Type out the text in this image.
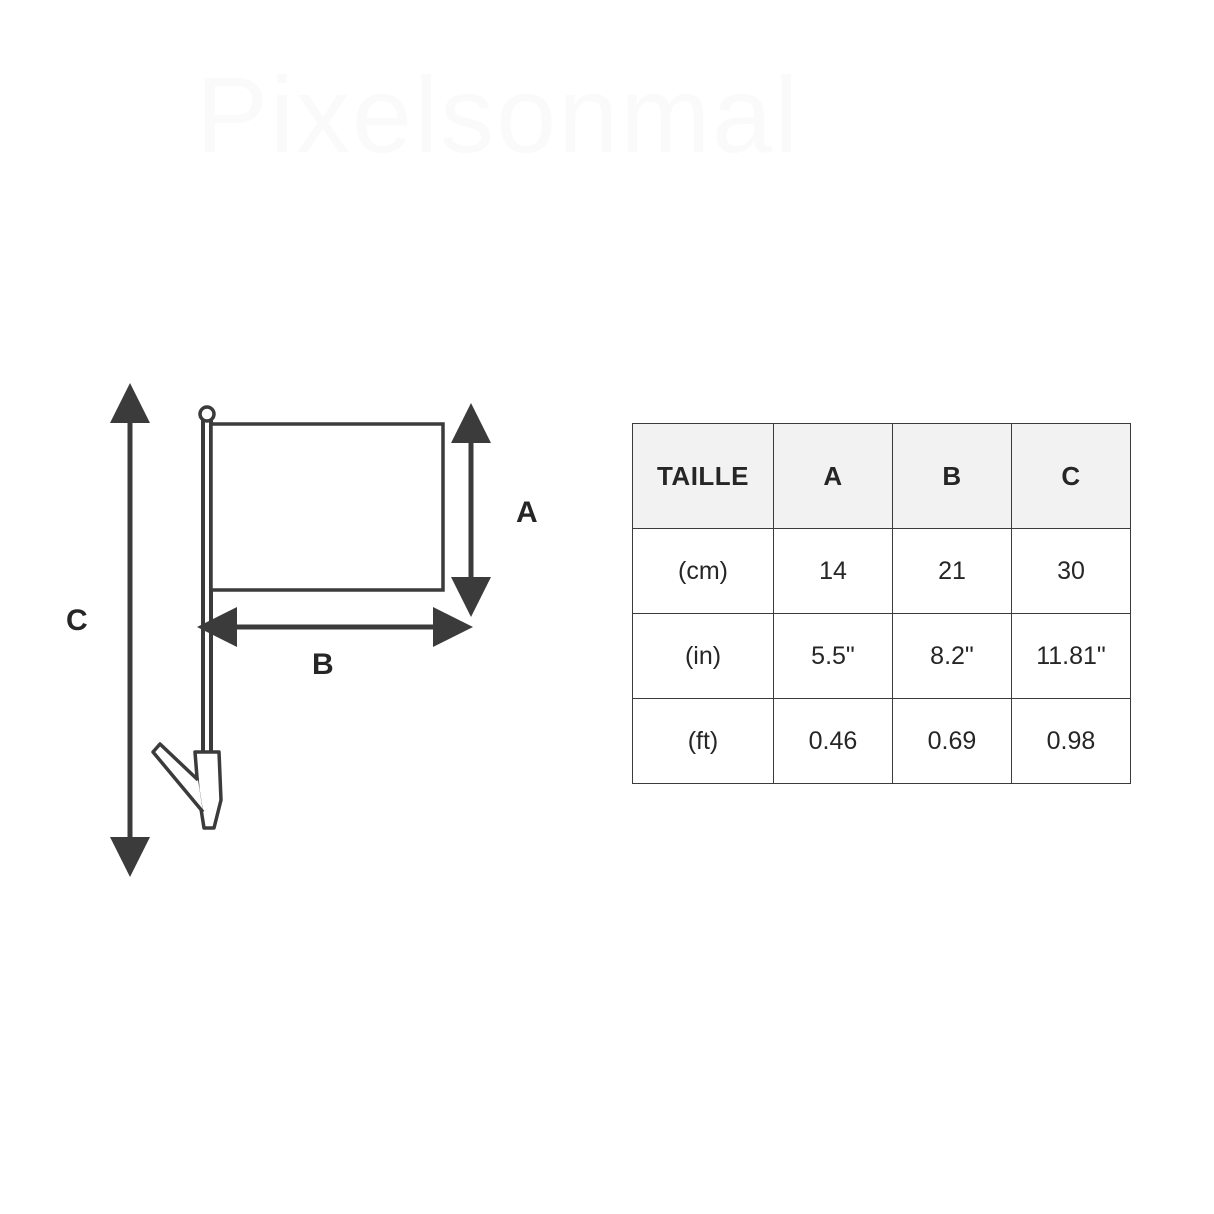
Pixelsonmal
A
B
C
TAILLE	A	B	C
(cm)	14	21	30
(in)	5.5"	8.2"	11.81"
(ft)	0.46	0.69	0.98
